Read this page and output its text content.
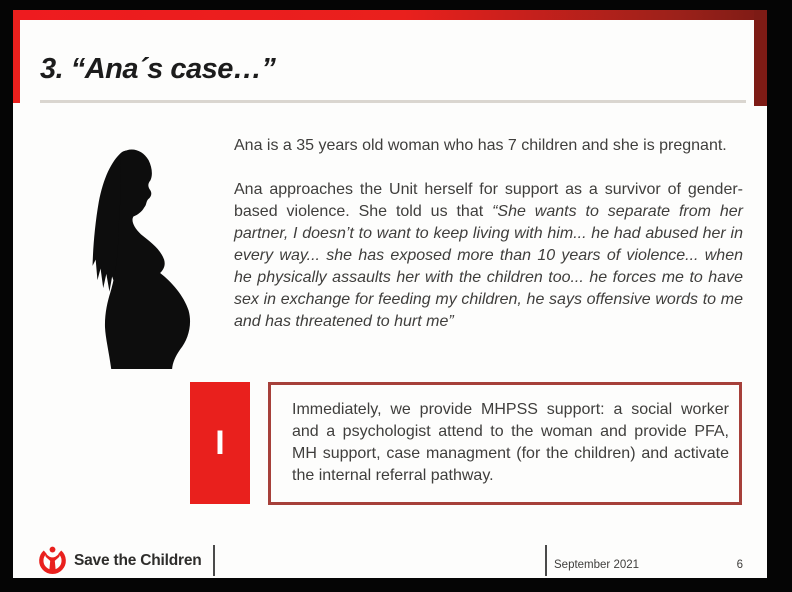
3. “Ana´s case…”

Ana is a 35 years old woman who has 7 children and she is pregnant.

Ana approaches the Unit herself for support as a survivor of gender-based violence. She told us that “She wants to separate from her partner, I doesn’t to want to keep living with him... he had abused her in every way... she has exposed more than 10 years of violence... when he physically assaults her with the children too... he forces me to have sex in exchange for feeding my children, he says offensive words to me and has threatened to hurt me”

I

Immediately, we provide MHPSS support: a social worker and a psychologist attend to the woman and provide PFA, MH support, case managment (for the children) and activate the internal referral pathway.

Save the Children	September 2021	6
